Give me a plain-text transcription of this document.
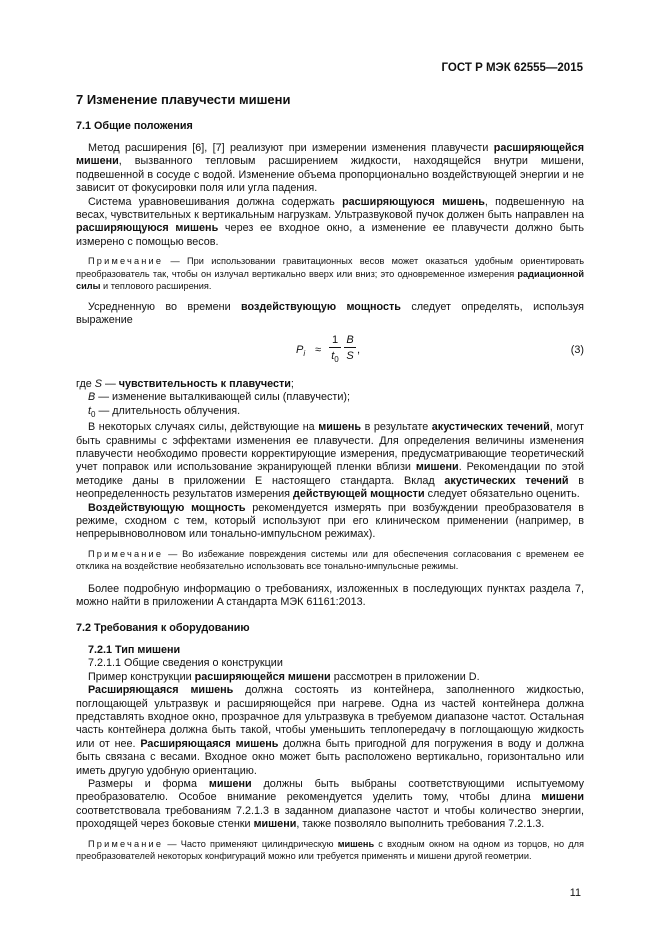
ГОСТ Р МЭК 62555—2015
7 Изменение плавучести мишени
7.1 Общие положения

Метод расширения [6], [7] реализуют при измерении изменения плавучести расширяющейся мишени, вызванного тепловым расширением жидкости, находящейся внутри мишени, подвешенной в сосуде с водой. Изменение объема пропорционально воздействующей энергии и не зависит от фокусировки поля или угла падения.

Система уравновешивания должна содержать расширяющуюся мишень, подвешенную на весах, чувствительных к вертикальным нагрузкам. Ультразвуковой пучок должен быть направлен на расширяющуюся мишень через ее входное окно, а изменение ее плавучести должно быть измерено с помощью весов.

Примечание — При использовании гравитационных весов может оказаться удобным ориентировать преобразователь так, чтобы он излучал вертикально вверх или вниз; это одновременное измерения радиационной силы и теплового расширения.

Усредненную во времени воздействующую мощность следует определять, используя выражение

$P_i \approx \frac{1}{t_0} \frac{B}{S}$ ,	(3)

где S — чувствительность к плавучести;

B — изменение выталкивающей силы (плавучести);

$t_0$ — длительность облучения.

В некоторых случаях силы, действующие на мишень в результате акустических течений, могут быть сравнимы с эффектами изменения ее плавучести. Для определения величины изменения плавучести необходимо провести корректирующие измерения, предусматривающие теоретический учет поправок или использование экранирующей пленки вблизи мишени. Рекомендации по этой методике даны в приложении E настоящего стандарта. Вклад акустических течений в неопределенность результатов измерения действующей мощности следует обязательно оценить.

Воздействующую мощность рекомендуется измерять при возбуждении преобразователя в режиме, сходном с тем, который используют при его клиническом применении (например, в непрерывноволновом или тонально-импульсном режимах).

Примечание — Во избежание повреждения системы или для обеспечения согласования с временем ее отклика на воздействие необязательно использовать все тонально-импульсные режимы.

Более подробную информацию о требованиях, изложенных в последующих пунктах раздела 7, можно найти в приложении A стандарта МЭК 61161:2013.

7.2 Требования к оборудованию
7.2.1 Тип мишени

7.2.1.1 Общие сведения о конструкции

Пример конструкции расширяющейся мишени рассмотрен в приложении D.

Расширяющаяся мишень должна состоять из контейнера, заполненного жидкостью, поглощающей ультразвук и расширяющейся при нагреве. Одна из частей контейнера должна представлять входное окно, прозрачное для ультразвука в требуемом диапазоне частот. Остальная часть контейнера должна быть такой, чтобы уменьшить теплопередачу в поглощающую жидкость или от нее. Расширяющаяся мишень должна быть пригодной для погружения в воду и должна быть связана с весами. Входное окно может быть расположено вертикально, горизонтально или иметь другую удобную ориентацию.

Размеры и форма мишени должны быть выбраны соответствующими испытуемому преобразователю. Особое внимание рекомендуется уделить тому, чтобы длина мишени соответствовала требованиям 7.2.1.3 в заданном диапазоне частот и чтобы количество энергии, проходящей через боковые стенки мишени, также позволяло выполнить требования 7.2.1.3.

Примечание — Часто применяют цилиндрическую мишень с входным окном на одном из торцов, но для преобразователей некоторых конфигураций можно или требуется применять и мишени другой геометрии.

11
